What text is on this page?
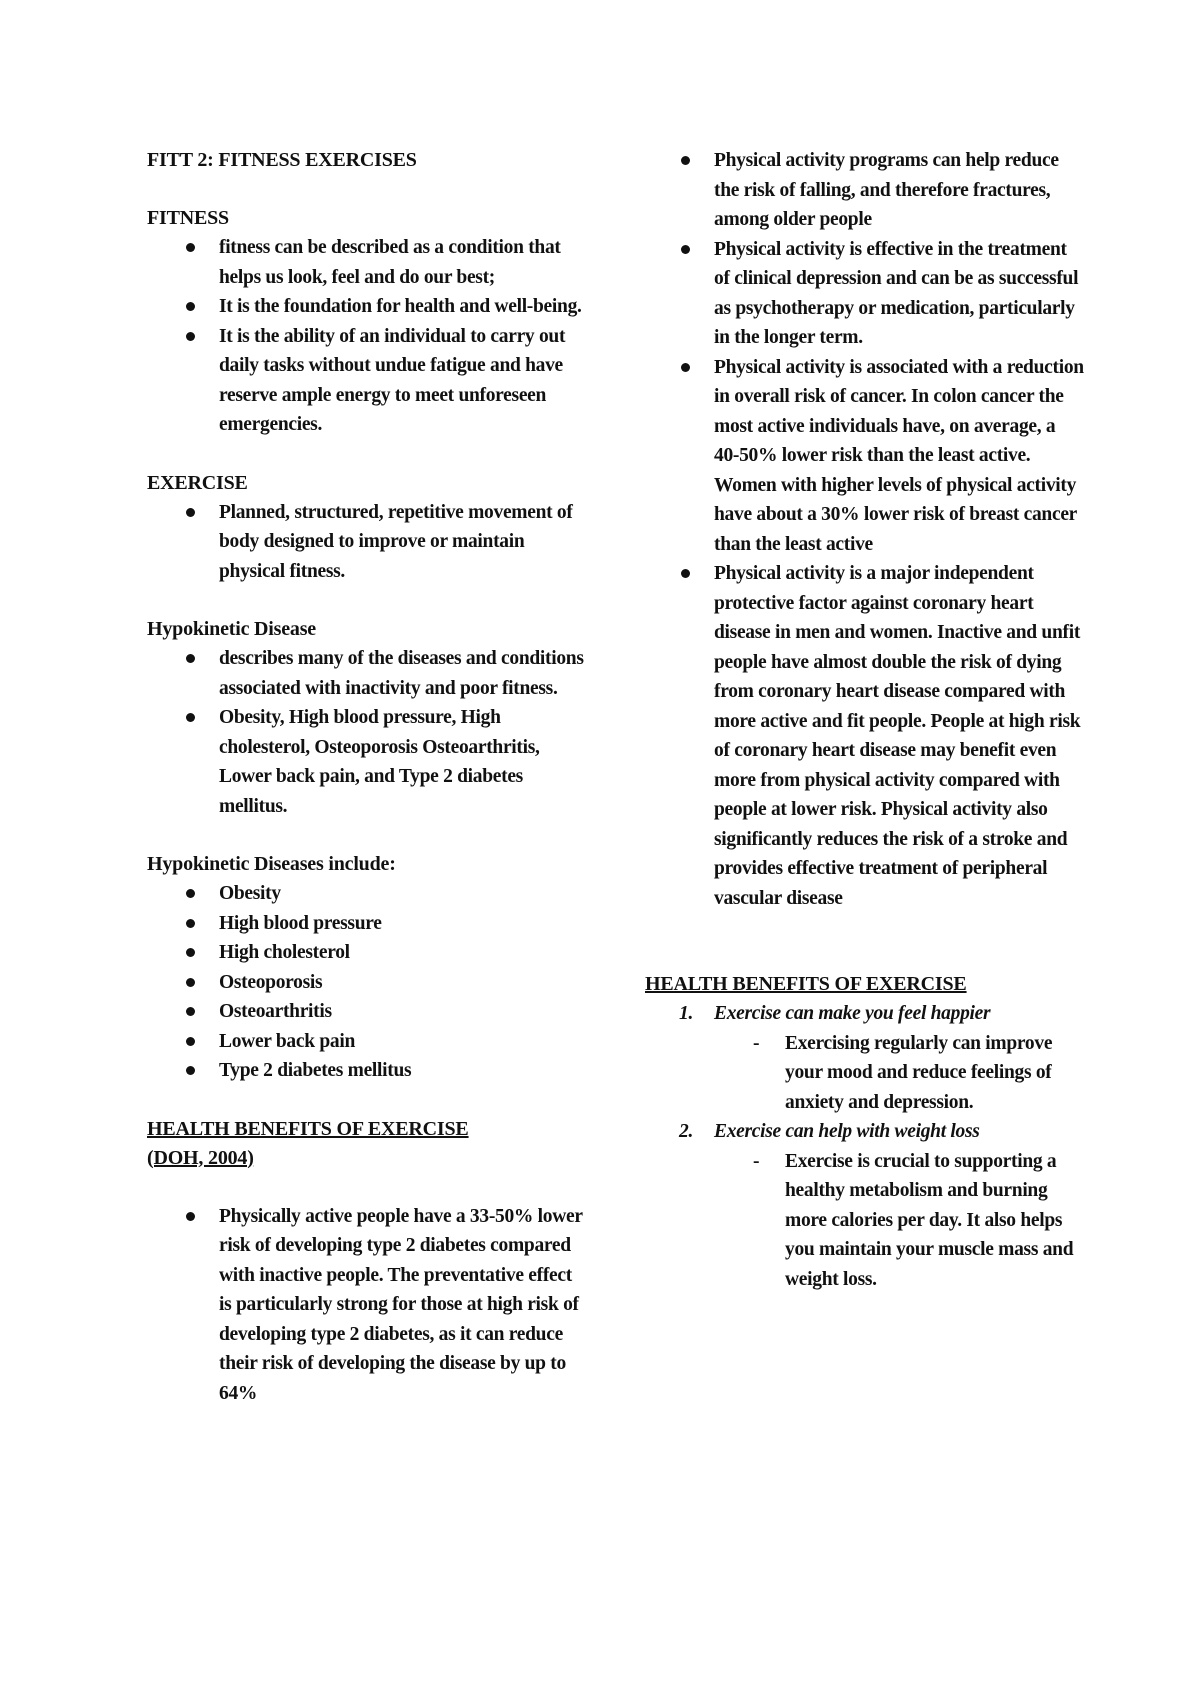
FITT 2: FITNESS EXERCISES
FITNESS
fitness can be described as a condition that helps us look, feel and do our best;
It is the foundation for health and well-being.
It is the ability of an individual to carry out daily tasks without undue fatigue and have reserve ample energy to meet unforeseen emergencies.
EXERCISE
Planned, structured, repetitive movement of body designed to improve or maintain physical fitness.
Hypokinetic Disease
describes many of the diseases and conditions associated with inactivity and poor fitness.
Obesity, High blood pressure, High cholesterol, Osteoporosis Osteoarthritis, Lower back pain, and Type 2 diabetes mellitus.
Hypokinetic Diseases include:
Obesity
High blood pressure
High cholesterol
Osteoporosis
Osteoarthritis
Lower back pain
Type 2 diabetes mellitus
HEALTH BENEFITS OF EXERCISE
(DOH, 2004)
Physically active people have a 33-50% lower risk of developing type 2 diabetes compared with inactive people. The preventative effect is particularly strong for those at high risk of developing type 2 diabetes, as it can reduce their risk of developing the disease by up to 64%
Physical activity programs can help reduce the risk of falling, and therefore fractures, among older people
Physical activity is effective in the treatment of clinical depression and can be as successful as psychotherapy or medication, particularly in the longer term.
Physical activity is associated with a reduction in overall risk of cancer. In colon cancer the most active individuals have, on average, a 40-50% lower risk than the least active. Women with higher levels of physical activity have about a 30% lower risk of breast cancer than the least active
Physical activity is a major independent protective factor against coronary heart disease in men and women. Inactive and unfit people have almost double the risk of dying from coronary heart disease compared with more active and fit people. People at high risk of coronary heart disease may benefit even more from physical activity compared with people at lower risk. Physical activity also significantly reduces the risk of a stroke and provides effective treatment of peripheral vascular disease
HEALTH BENEFITS OF EXERCISE
1. Exercise can make you feel happier
- Exercising regularly can improve your mood and reduce feelings of anxiety and depression.
2. Exercise can help with weight loss
- Exercise is crucial to supporting a healthy metabolism and burning more calories per day. It also helps you maintain your muscle mass and weight loss.
